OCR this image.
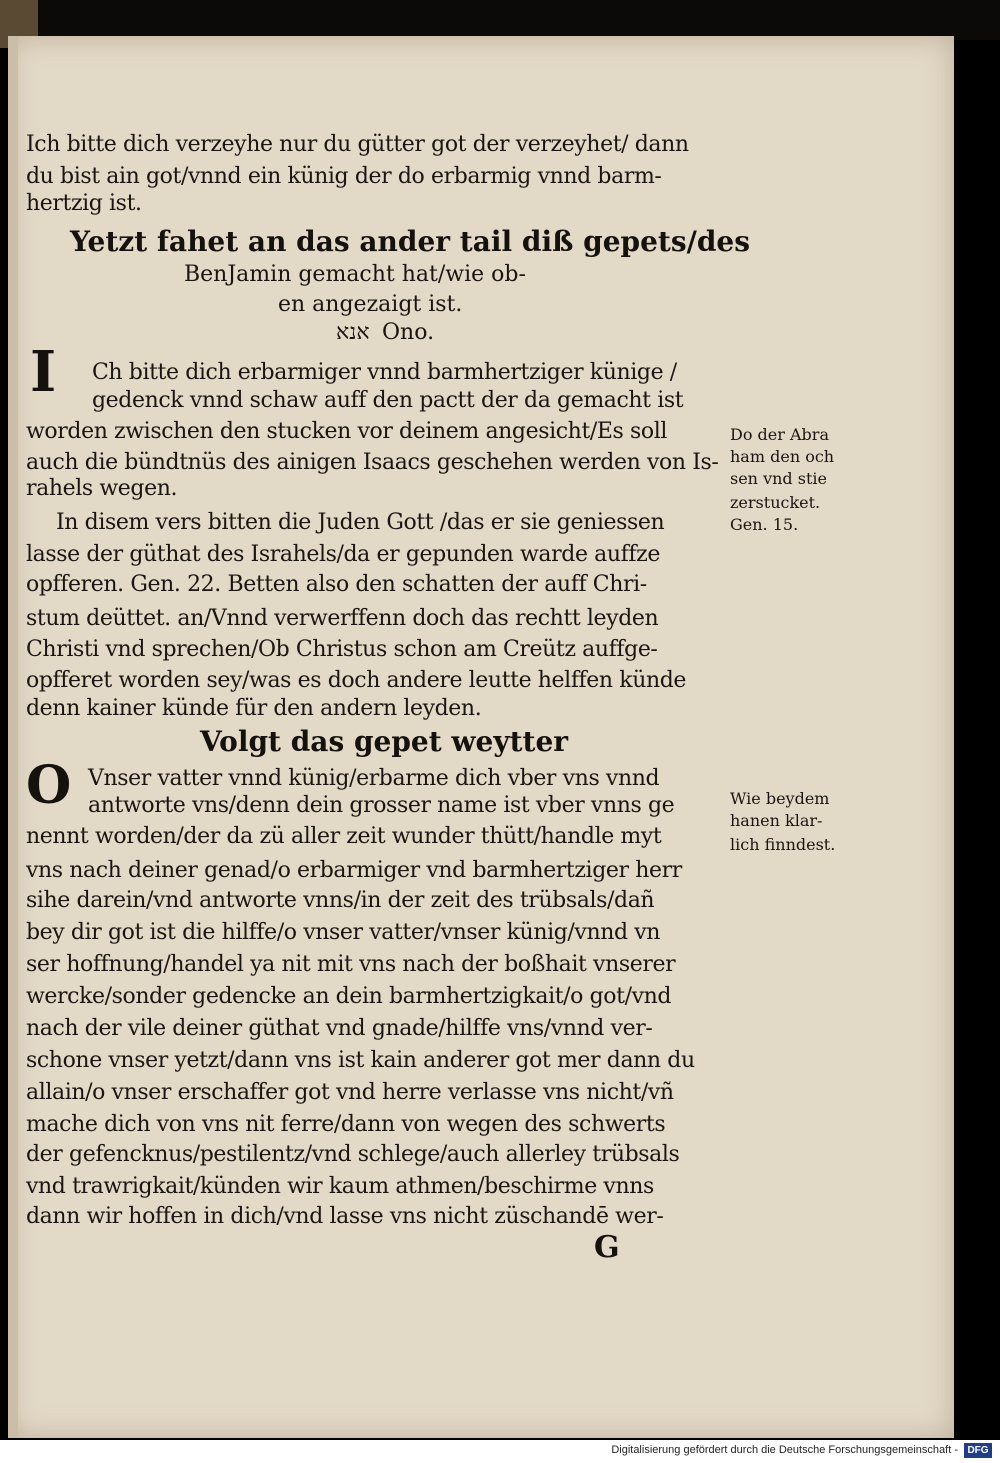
Ich bitte dich verzeyhe nur du gütter got der verzeyhet/ dann
du bist ain got/vnnd ein künig der do erbarmig vnnd barm-
hertzig ist.
Yetzt fahet an das ander tail diß gepets/des
BenJamin gemacht hat/wie ob-
en angezaigt ist.
אנא Ono.
I Ch bitte dich erbarmiger vnnd barmhertziger künige /
gedenck vnnd schaw auff den pactt der da gemacht ist
worden zwischen den stucken vor deinem angesicht/Es soll
auch die bündtnüs des ainigen Isaacs geschehen werden von Is-
rahels wegen.
Do der Abra
ham den och
sen vnd stie
zerstucket.
Gen. 15.
In disem vers bitten die Juden Gott /das er sie geniessen
lasse der güthat des Israhels/da er gepunden warde auffze
opfferen. Gen. 22. Betten also den schatten der auff Chri-
stum deüttet. an/Vnnd verwerffenn doch das rechtt leyden
Christi vnd sprechen/Ob Christus schon am Creütz auffge-
opfferet worden sey/was es doch andere leutte helffen künde
denn kainer künde für den andern leyden.
Volgt das gepet weytter
O Vnser vatter vnnd künig/erbarme dich vber vns vnnd
antworte vns/denn dein grosser name ist vber vnns ge
nennt worden/der da zü aller zeit wunder thütt/handle myt
vns nach deiner genad/o erbarmiger vnd barmhertziger herr
sihe darein/vnd antworte vnns/in der zeit des trübsals/dañ
bey dir got ist die hilffe/o vnser vatter/vnser künig/vnnd vn
ser hoffnung/handel ya nit mit vns nach der boßhait vnserer
wercke/sonder gedencke an dein barmhertzigkait/o got/vnd
nach der vile deiner güthat vnd gnade/hilffe vns/vnnd ver-
schone vnser yetzt/dann vns ist kain anderer got mer dann du
allain/o vnser erschaffer got vnd herre verlasse vns nicht/vñ
mache dich von vns nit ferre/dann von wegen des schwerts
der gefencknus/pestilentz/vnd schlege/auch allerley trübsals
vnd trawrigkait/künden wir kaum athmen/beschirme vnns
dann wir hoffen in dich/vnd lasse vns nicht züschandē wer-
Wie beydem
hanen klar-
lich finndest.
G
Digitalisierung gefördert durch die Deutsche Forschungsgemeinschaft - DFG
